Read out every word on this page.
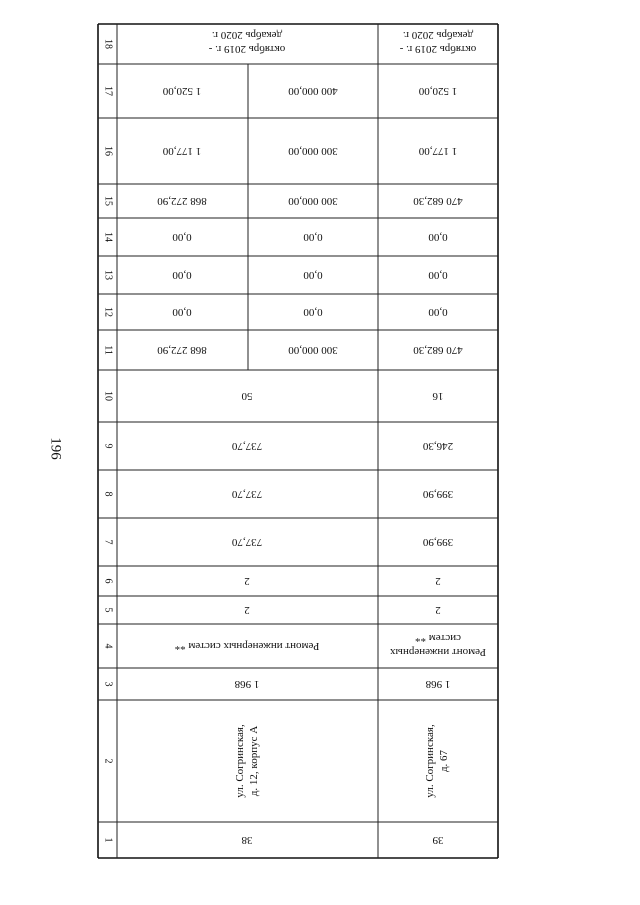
196
18
17
16
15
14
13
12
11
10
9
8
7
6
5
4
3
2
1	38
ул. Согринская, д. 12, корпус А
1 968
Ремонт инженерных систем **
2
2
737,70
737,70
737,70
50
868 272,90
0,00
0,00
0,00
868 272,90
1 177,00
1 520,00
300 000,00
0,00
0,00
0,00
300 000,00
300 000,00
400 000,00
октябрь 2019 г. -
декабрь 2020 г.
39
ул. Согринская, д. 67
1 968
Ремонт инженерных
систем **
2
2
399,90
399,90
246,30
16
470 682,30
0,00
0,00
0,00
470 682,30
1 177,00
1 520,00
октябрь 2019 г. -
декабрь 2020 г.
